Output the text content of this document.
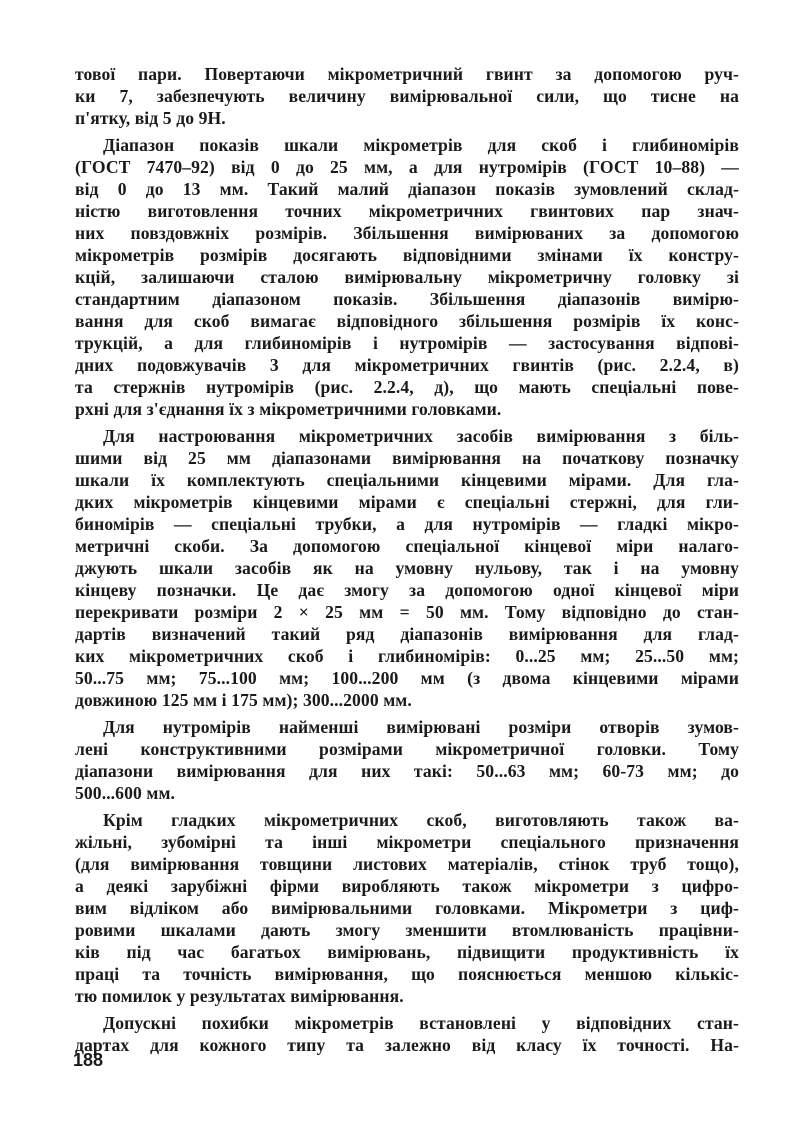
тової пари. Повертаючи мікрометричний гвинт за допомогою руч-
ки 7, забезпечують величину вимірювальної сили, що тисне на
п'ятку, від 5 до 9Н.
Діапазон показів шкали мікрометрів для скоб і глибиномірів
(ГОСТ 7470–92) від 0 до 25 мм, а для нутромірів (ГОСТ 10–88) —
від 0 до 13 мм. Такий малий діапазон показів зумовлений склад-
ністю виготовлення точних мікрометричних гвинтових пар знач-
них повздовжніх розмірів. Збільшення вимірюваних за допомогою
мікрометрів розмірів досягають відповідними змінами їх констру-
кцій, залишаючи сталою вимірювальну мікрометричну головку зі
стандартним діапазоном показів. Збільшення діапазонів вимірю-
вання для скоб вимагає відповідного збільшення розмірів їх конс-
трукцій, а для глибиномірів і нутромірів — застосування відпові-
дних подовжувачів 3 для мікрометричних гвинтів (рис. 2.2.4, в)
та стержнів нутромірів (рис. 2.2.4, д), що мають спеціальні пове-
рхні для з'єднання їх з мікрометричними головками.
Для настроювання мікрометричних засобів вимірювання з біль-
шими від 25 мм діапазонами вимірювання на початкову позначку
шкали їх комплектують спеціальними кінцевими мірами. Для гла-
дких мікрометрів кінцевими мірами є спеціальні стержні, для гли-
биномірів — спеціальні трубки, а для нутромірів — гладкі мікро-
метричні скоби. За допомогою спеціальної кінцевої міри налаго-
джують шкали засобів як на умовну нульову, так і на умовну
кінцеву позначки. Це дає змогу за допомогою одної кінцевої міри
перекривати розміри 2 × 25 мм = 50 мм. Тому відповідно до стан-
дартів визначений такий ряд діапазонів вимірювання для глад-
ких мікрометричних скоб і глибиномірів: 0...25 мм; 25...50 мм;
50...75 мм; 75...100 мм; 100...200 мм (з двома кінцевими мірами
довжиною 125 мм і 175 мм); 300...2000 мм.
Для нутромірів найменші вимірювані розміри отворів зумов-
лені конструктивними розмірами мікрометричної головки. Тому
діапазони вимірювання для них такі: 50...63 мм; 60-73 мм; до
500...600 мм.
Крім гладких мікрометричних скоб, виготовляють також ва-
жільні, зубомірні та інші мікрометри спеціального призначення
(для вимірювання товщини листових матеріалів, стінок труб тощо),
а деякі зарубіжні фірми виробляють також мікрометри з цифро-
вим відліком або вимірювальними головками. Мікрометри з циф-
ровими шкалами дають змогу зменшити втомлюваність працівни-
ків під час багатьох вимірювань, підвищити продуктивність їх
праці та точність вимірювання, що пояснюється меншою кількіс-
тю помилок у результатах вимірювання.
Допускні похибки мікрометрів встановлені у відповідних стан-
дартах для кожного типу та залежно від класу їх точності. На-
188
